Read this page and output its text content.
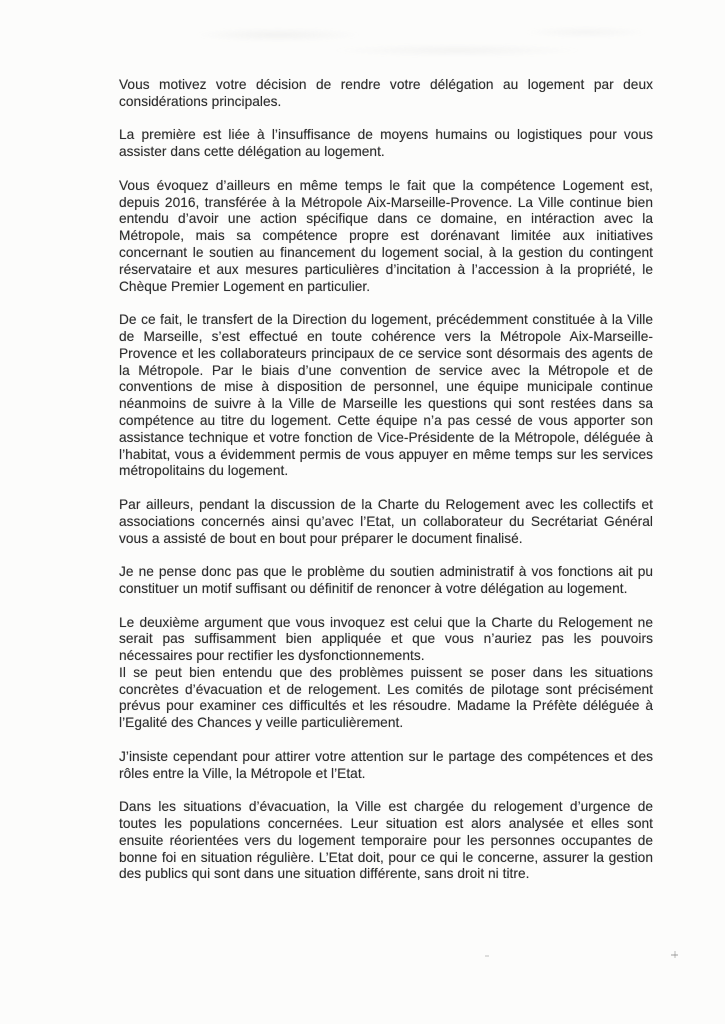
Vous motivez votre décision de rendre votre délégation au logement par deux considérations principales.

La première est liée à l’insuffisance de moyens humains ou logistiques pour vous assister dans cette délégation au logement.

Vous évoquez d’ailleurs en même temps le fait que la compétence Logement est, depuis 2016, transférée à la Métropole Aix-Marseille-Provence. La Ville continue bien entendu d’avoir une action spécifique dans ce domaine, en intéraction avec la Métropole, mais sa compétence propre est dorénavant limitée aux initiatives concernant le soutien au financement du logement social, à la gestion du contingent réservataire et aux mesures particulières d’incitation à l’accession à la propriété, le Chèque Premier Logement en particulier.

De ce fait, le transfert de la Direction du logement, précédemment constituée à la Ville de Marseille, s’est effectué en toute cohérence vers la Métropole Aix-Marseille-Provence et les collaborateurs principaux de ce service sont désormais des agents de la Métropole. Par le biais d’une convention de service avec la Métropole et de conventions de mise à disposition de personnel, une équipe municipale continue néanmoins de suivre à la Ville de Marseille les questions qui sont restées dans sa compétence au titre du logement. Cette équipe n’a pas cessé de vous apporter son assistance technique et votre fonction de Vice-Présidente de la Métropole, déléguée à l’habitat, vous a évidemment permis de vous appuyer en même temps sur les services métropolitains du logement.

Par ailleurs, pendant la discussion de la Charte du Relogement avec les collectifs et associations concernés ainsi qu’avec l’Etat, un collaborateur du Secrétariat Général vous a assisté de bout en bout pour préparer le document finalisé.

Je ne pense donc pas que le problème du soutien administratif à vos fonctions ait pu constituer un motif suffisant ou définitif de renoncer à votre délégation au logement.

Le deuxième argument que vous invoquez est celui que la Charte du Relogement ne serait pas suffisamment bien appliquée et que vous n’auriez pas les pouvoirs nécessaires pour rectifier les dysfonctionnements.

Il se peut bien entendu que des problèmes puissent se poser dans les situations concrètes d’évacuation et de relogement. Les comités de pilotage sont précisément prévus pour examiner ces difficultés et les résoudre. Madame la Préfète déléguée à l’Egalité des Chances y veille particulièrement.

J’insiste cependant pour attirer votre attention sur le partage des compétences et des rôles entre la Ville, la Métropole et l’Etat.

Dans les situations d’évacuation, la Ville est chargée du relogement d’urgence de toutes les populations concernées. Leur situation est alors analysée et elles sont ensuite réorientées vers du logement temporaire pour les personnes occupantes de bonne foi en situation régulière. L’Etat doit, pour ce qui le concerne, assurer la gestion des publics qui sont dans une situation différente, sans droit ni titre.
